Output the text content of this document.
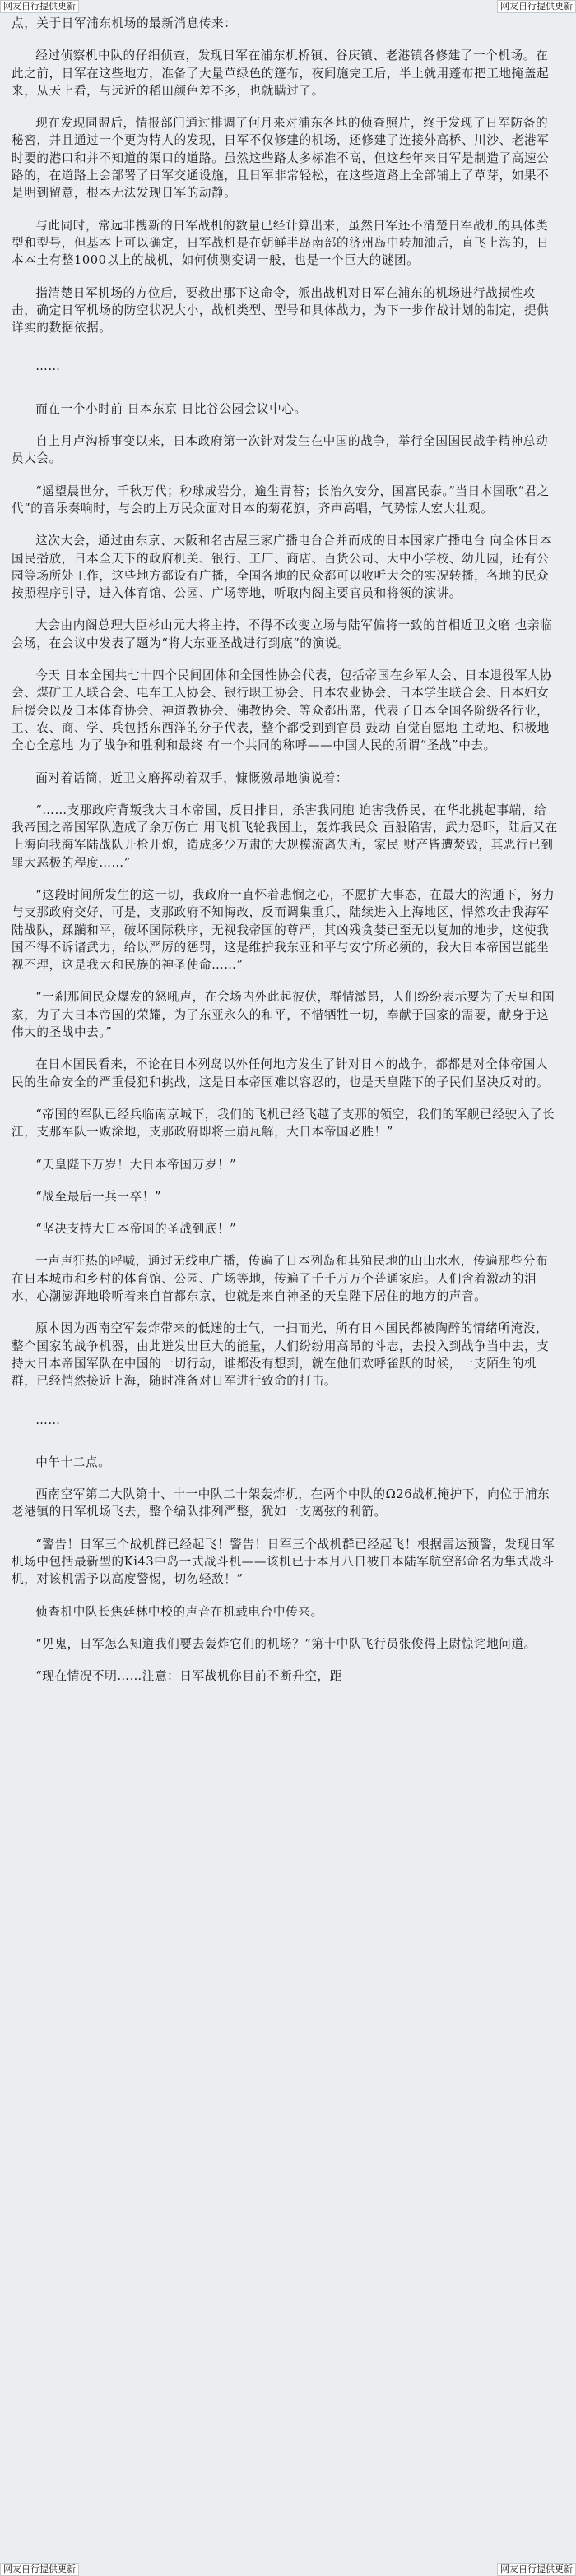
网友自行提供更新	网友自行提供更新

点，关于日军浦东机场的最新消息传来：

经过侦察机中队的仔细侦查，发现日军在浦东机桥镇、谷庆镇、老港镇各修建了一个机场。在此之前，日军在这些地方，准备了大量草绿色的篷布，夜间施完工后，半土就用蓬布把工地掩盖起来，从天上看，与远近的稻田颜色差不多，也就瞒过了。

现在发现同盟后，情报部门通过排调了何月来对浦东各地的侦查照片，终于发现了日军防备的秘密，并且通过一个更为特人的发现，日军不仅修建的机场，还修建了连接外高桥、川沙、老港军时要的港口和并不知道的渠口的道路。虽然这些路太多标准不高，但这些年来日军是制造了高速公路的，在道路上会部署了日军交通设施，且日军非常轻松，在这些道路上全部铺上了草芽，如果不是明到留意，根本无法发现日军的动静。

与此同时，常远非搜新的日军战机的数量已经计算出来，虽然日军还不清楚日军战机的具体类型和型号，但基本上可以确定，日军战机是在朝鲜半岛南部的济州岛中转加油后，直飞上海的，日本本土有整1000以上的战机，如何侦测变调一般，也是一个巨大的谜团。

指清楚日军机场的方位后，要救出那下这命令，派出战机对日军在浦东的机场进行战损性攻击，确定日军机场的防空状况大小，战机类型、型号和具体战力，为下一步作战计划的制定，提供详实的数据依据。

……

而在一个小时前 日本东京 日比谷公园会议中心。

自上月卢沟桥事变以来，日本政府第一次针对发生在中国的战争，举行全国国民战争精神总动员大会。

“遥望晨世分，千秋万代；秒球成岩分，逾生青苔；长治久安分，国富民泰。”当日本国歌“君之代”的音乐奏响时，与会的上万民众面对日本的菊花旗，齐声高唱，气势惊人宏大壮观。

这次大会，通过由东京、大阪和名古屋三家广播电台合并而成的日本国家广播电台 向全体日本国民播放，日本全天下的政府机关、银行、工厂、商店、百货公司、大中小学校、幼儿园，还有公园等场所处工作，这些地方都设有广播，全国各地的民众都可以收听大会的实况转播，各地的民众按照程序引导，进入体育馆、公园、广场等地，听取内阁主要官员和将领的演讲。

大会由内阁总理大臣杉山元大将主持，不得不改变立场与陆军偏将一致的首相近卫文磨 也亲临会场，在会议中发表了题为“将大东亚圣战进行到底”的演说。

今天 日本全国共七十四个民间团体和全国性协会代表，包括帝国在乡军人会、日本退役军人协会、煤矿工人联合会、电车工人协会、银行职工协会、日本农业协会、日本学生联合会、日本妇女后援会以及日本体育协会、神道教协会、佛教协会、等众都出席，代表了日本全国各阶级各行业，工、农、商、学、兵包括东西洋的分子代表，整个都受到到官员 鼓动 自觉自愿地 主动地、积极地 全心全意地 为了战争和胜利和最终 有一个共同的称呼——中国人民的所谓“圣战”中去。

面对着话筒，近卫文磨挥动着双手，慷慨激昂地演说着：

“……支那政府背叛我大日本帝国，反日排日，杀害我同胞 迫害我侨民，在华北挑起事端，给我帝国之帝国军队造成了余万伤亡 用飞机飞轮我国土，轰炸我民众 百般陷害，武力恐吓，陆后又在上海向我海军陆战队开枪开炮，造成多少万肃的大规模流离失所，家民 财产皆遭焚毁，其恶行已到罪大恶极的程度……”

“这段时间所发生的这一切，我政府一直怀着悲悯之心，不愿扩大事态，在最大的沟通下，努力与支那政府交好，可是，支那政府不知悔改，反而调集重兵，陆续进入上海地区，悍然攻击我海军陆战队，蹂躏和平，破坏国际秩序，无视我帝国的尊严，其凶残贪婪已至无以复加的地步，这使我国不得不诉诸武力，给以严厉的惩罚，这是维护我东亚和平与安宁所必须的，我大日本帝国岂能坐视不理，这是我大和民族的神圣使命……”

“一刹那间民众爆发的怒吼声，在会场内外此起彼伏，群情激昂，人们纷纷表示要为了天皇和国家，为了大日本帝国的荣耀，为了东亚永久的和平，不惜牺牲一切，奉献于国家的需要，献身于这伟大的圣战中去。”

在日本国民看来，不论在日本列岛以外任何地方发生了针对日本的战争，都都是对全体帝国人民的生命安全的严重侵犯和挑战，这是日本帝国难以容忍的，也是天皇陛下的子民们坚决反对的。

“帝国的军队已经兵临南京城下，我们的飞机已经飞越了支那的领空，我们的军舰已经驶入了长江，支那军队一败涂地，支那政府即将土崩瓦解，大日本帝国必胜！”

“天皇陛下万岁！大日本帝国万岁！”

“战至最后一兵一卒！”

“坚决支持大日本帝国的圣战到底！”

一声声狂热的呼喊，通过无线电广播，传遍了日本列岛和其殖民地的山山水水，传遍那些分布在日本城市和乡村的体育馆、公园、广场等地，传遍了千千万万个普通家庭。人们含着激动的泪水，心潮澎湃地聆听着来自首都东京，也就是来自神圣的天皇陛下居住的地方的声音。

原本因为西南空军轰炸带来的低迷的士气，一扫而光，所有日本国民都被陶醉的情绪所淹没，整个国家的战争机器，由此迸发出巨大的能量，人们纷纷用高昂的斗志，去投入到战争当中去，支持大日本帝国军队在中国的一切行动，谁都没有想到，就在他们欢呼雀跃的时候，一支陌生的机群，已经悄然接近上海，随时准备对日军进行致命的打击。

……

中午十二点。

西南空军第二大队第十、十一中队二十架轰炸机，在两个中队的Ω26战机掩护下，向位于浦东老港镇的日军机场飞去，整个编队排列严整，犹如一支离弦的利箭。

“警告！日军三个战机群已经起飞！警告！日军三个战机群已经起飞！根据雷达预警，发现日军机场中包括最新型的Ki43中岛一式战斗机——该机已于本月八日被日本陆军航空部命名为隼式战斗机，对该机需予以高度警惕，切勿轻敌！”

侦查机中队长焦廷林中校的声音在机载电台中传来。

“见鬼，日军怎么知道我们要去轰炸它们的机场？”第十中队飞行员张俊得上尉惊诧地问道。

“现在情况不明……注意：日军战机你目前不断升空，距

网友自行提供更新	网友自行提供更新
